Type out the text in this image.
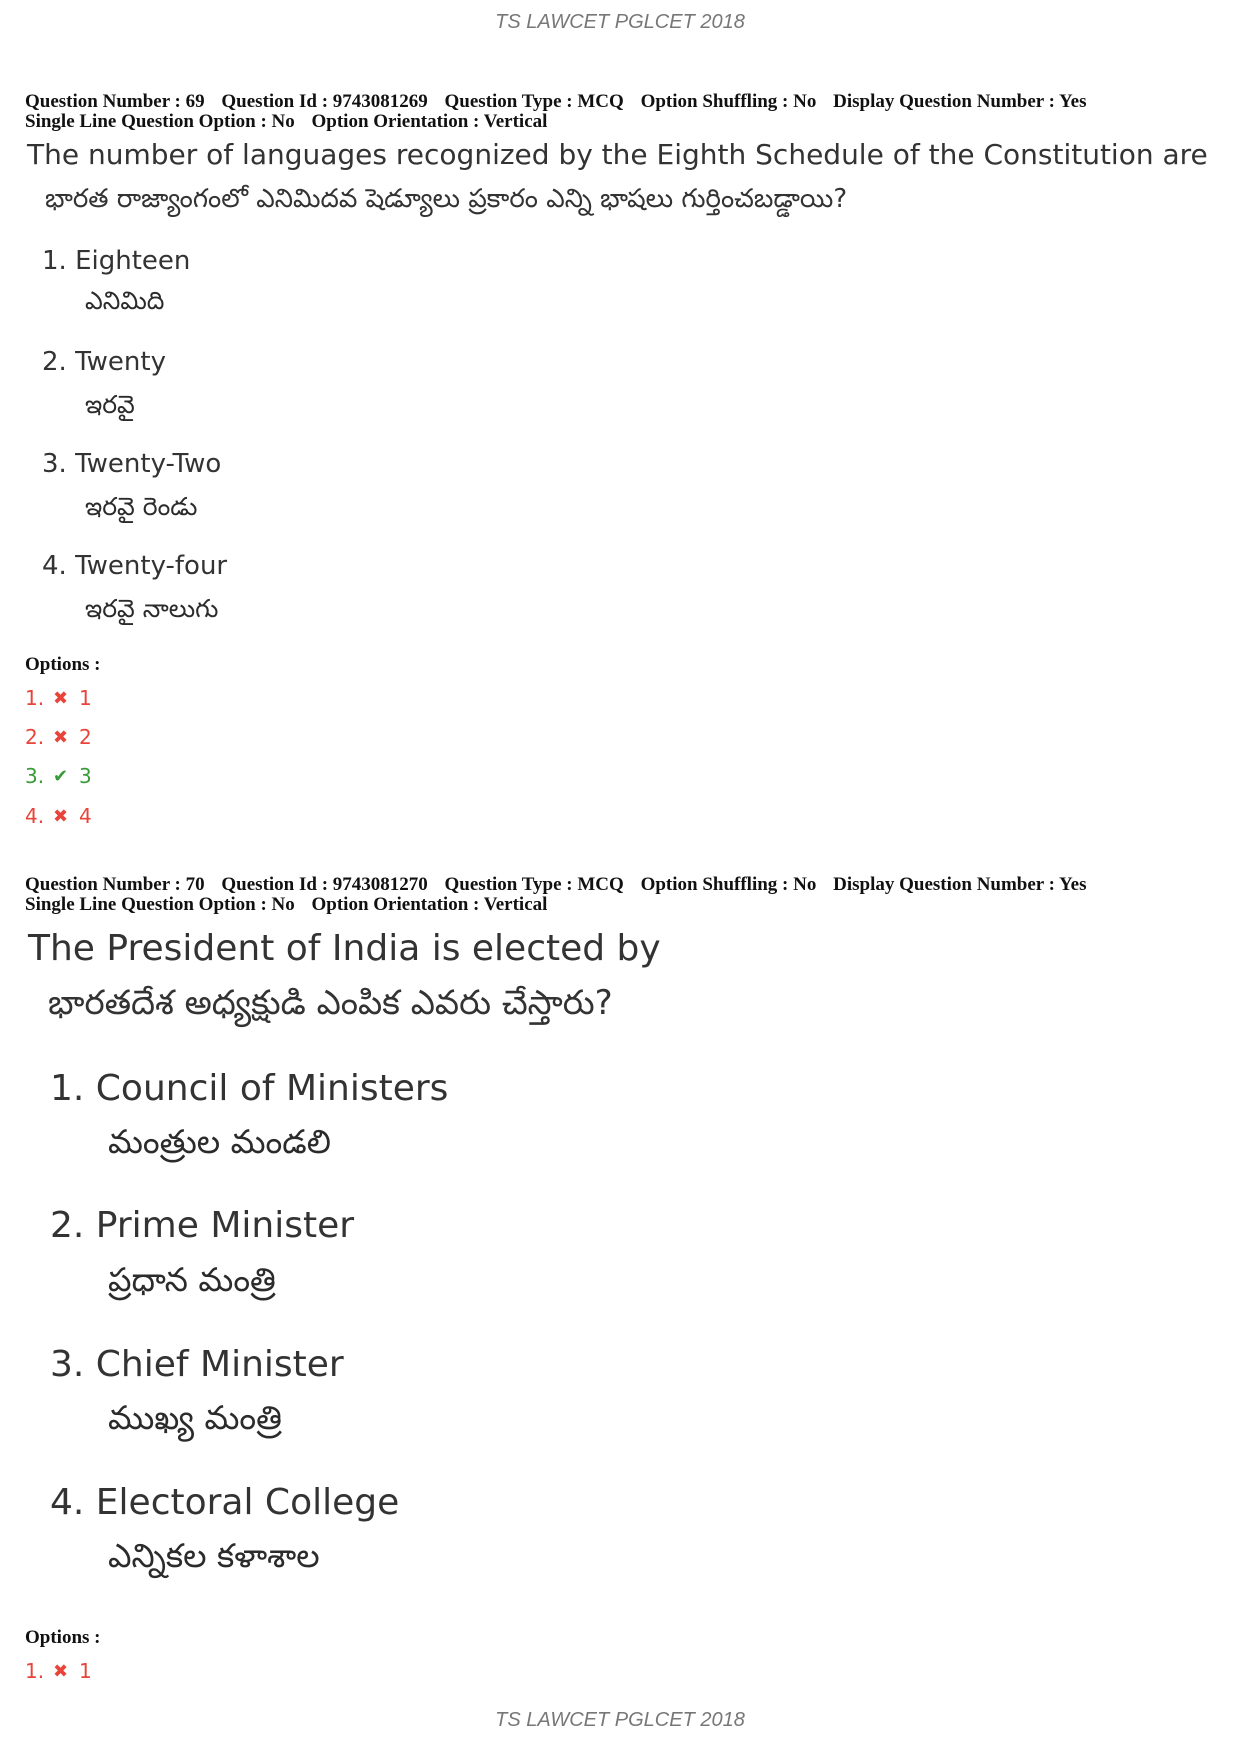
TS LAWCET PGLCET 2018
Question Number : 69 Question Id : 9743081269 Question Type : MCQ Option Shuffling : No Display Question Number : Yes
Single Line Question Option : No Option Orientation : Vertical
The number of languages recognized by the Eighth Schedule of the Constitution are
భారత రాజ్యాంగంలో ఎనిమిదవ షెడ్యూలు ప్రకారం ఎన్ని భాషలు గుర్తించబడ్డాయి?
1. Eighteen
ఎనిమిది
2. Twenty
ఇరవై
3. Twenty-Two
ఇరవై రెండు
4. Twenty-four
ఇరవై నాలుగు
Options :
1. ✖ 1
2. ✖ 2
3. ✔ 3
4. ✖ 4
Question Number : 70 Question Id : 9743081270 Question Type : MCQ Option Shuffling : No Display Question Number : Yes
Single Line Question Option : No Option Orientation : Vertical
The President of India is elected by
భారతదేశ అధ్యక్షుడి ఎంపిక ఎవరు చేస్తారు?
1. Council of Ministers
మంత్రుల మండలి
2. Prime Minister
ప్రధాన మంత్రి
3. Chief Minister
ముఖ్య మంత్రి
4. Electoral College
ఎన్నికల కళాశాల
Options :
1. ✖ 1
TS LAWCET PGLCET 2018
